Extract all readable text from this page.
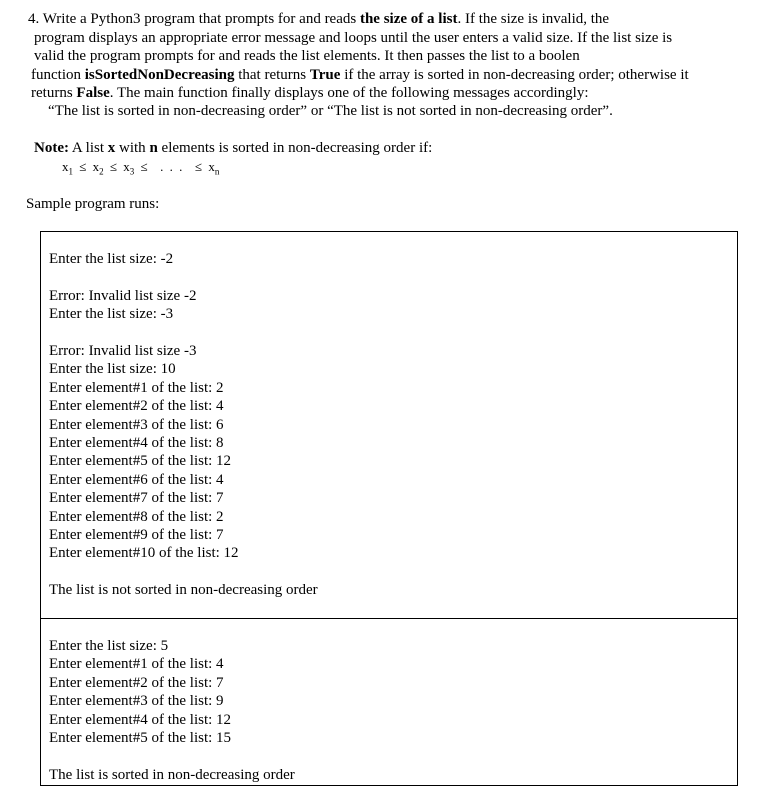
4. Write a Python3 program that prompts for and reads the size of a list. If the size is invalid, the
program displays an appropriate error message and loops until the user enters a valid size. If the list size is
valid the program prompts for and reads the list elements. It then passes the list to a boolen
function isSortedNonDecreasing that returns True if the array is sorted in non-decreasing order; otherwise it
returns False. The main function finally displays one of the following messages accordingly:
“The list is sorted in non-decreasing order” or “The list is not sorted in non-decreasing order”.
Note: A list x with n elements is sorted in non-decreasing order if:
$x_1 \le x_2 \le x_3$ ≤ . . . ≤ $x_n$
Sample program runs:
Enter the list size: -2
Error: Invalid list size -2
Enter the list size: -3
Error: Invalid list size -3
Enter the list size: 10
Enter element#1 of the list: 2
Enter element#2 of the list: 4
Enter element#3 of the list: 6
Enter element#4 of the list: 8
Enter element#5 of the list: 12
Enter element#6 of the list: 4
Enter element#7 of the list: 7
Enter element#8 of the list: 2
Enter element#9 of the list: 7
Enter element#10 of the list: 12
The list is not sorted in non-decreasing order
Enter the list size: 5
Enter element#1 of the list: 4
Enter element#2 of the list: 7
Enter element#3 of the list: 9
Enter element#4 of the list: 12
Enter element#5 of the list: 15
The list is sorted in non-decreasing order
